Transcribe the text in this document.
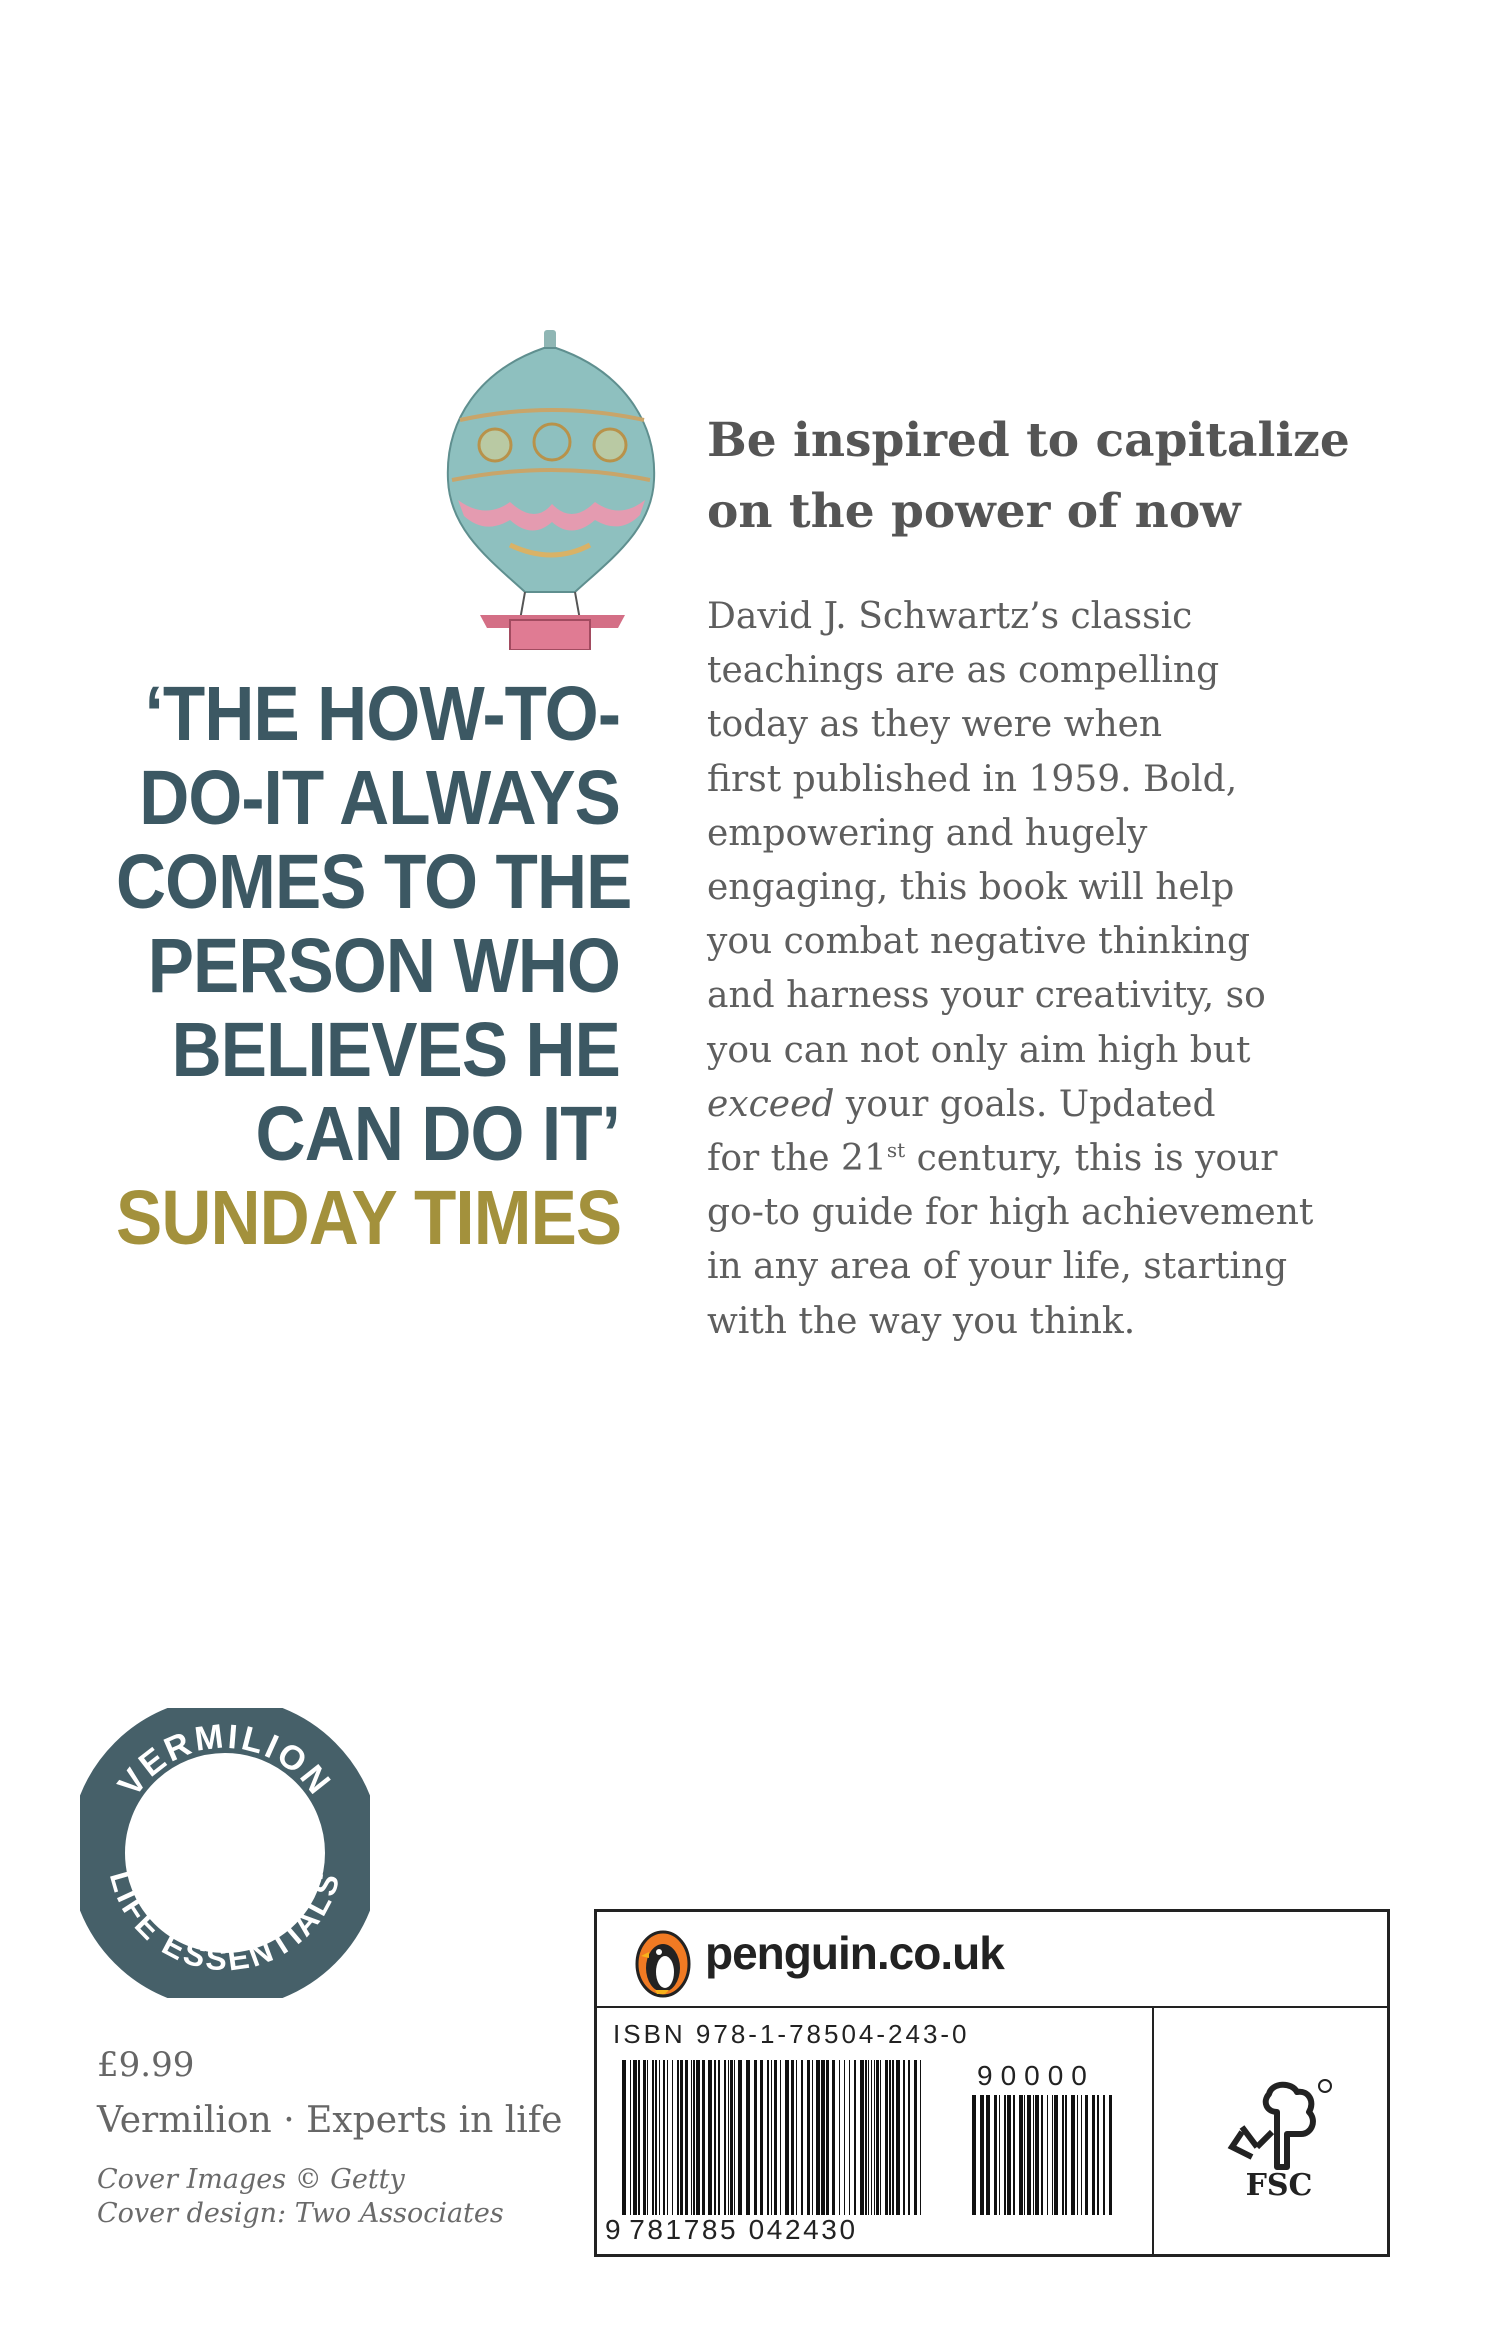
‘THE HOW-TO-
DO-IT ALWAYS
COMES TO THE
PERSON WHO
BELIEVES HE
CAN DO IT’
SUNDAY TIMES
Be inspired to capitalize
on the power of now
David J. Schwartz’s classic
teachings are as compelling
today as they were when
first published in 1959. Bold,
empowering and hugely
engaging, this book will help
you combat negative thinking
and harness your creativity, so
you can not only aim high but
exceed your goals. Updated
for the 21st century, this is your
go-to guide for high achievement
in any area of your life, starting
with the way you think.
VERMILION
LIFE ESSENTIALS
£9.99
Vermilion · Experts in life
Cover Images © Getty
Cover design: Two Associates
penguin.co.uk
ISBN 978-1-78504-243-0
90000
9 781785 042430
FSC
